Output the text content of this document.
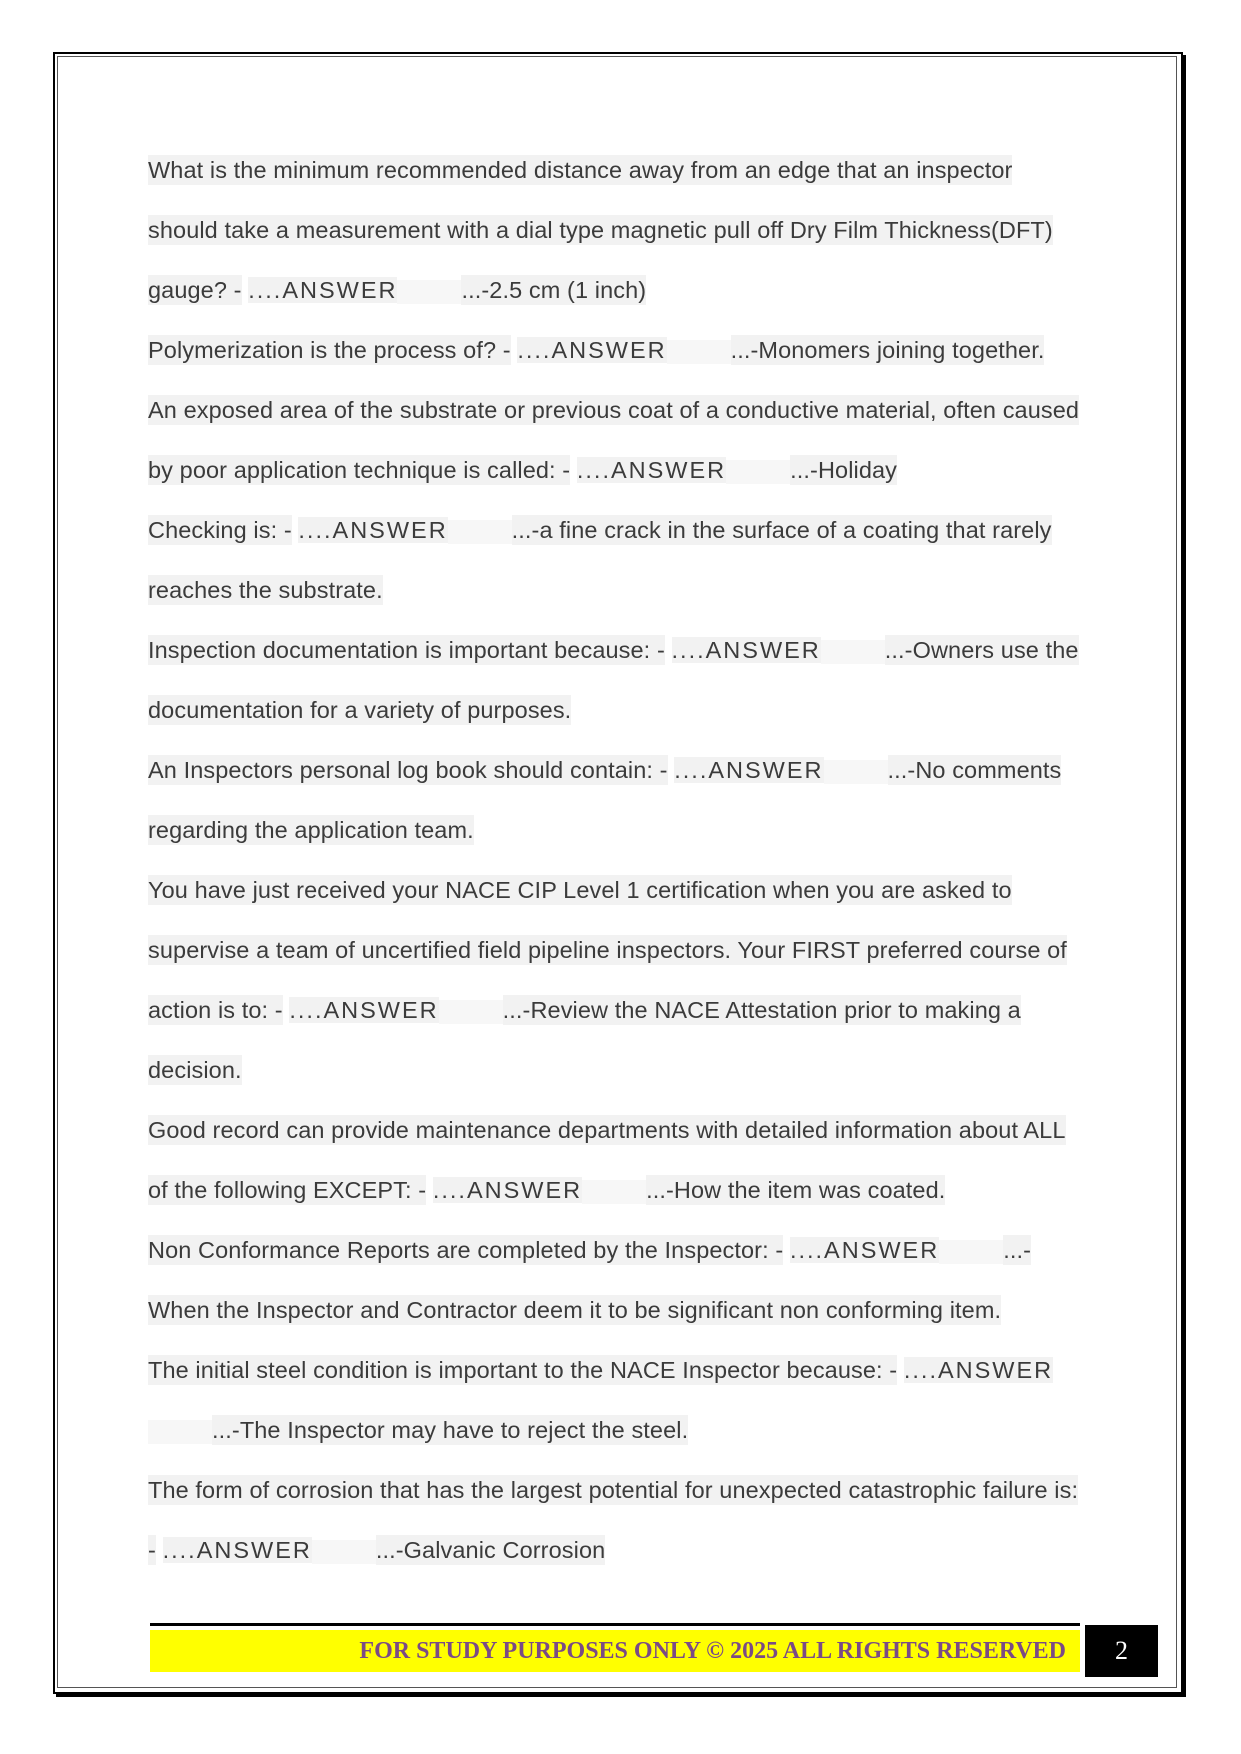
What is the minimum recommended distance away from an edge that an inspector should take a measurement with a dial type magnetic pull off Dry Film Thickness(DFT) gauge? - ....ANSWER	...-2.5 cm (1 inch)

Polymerization is the process of? - ....ANSWER	...-Monomers joining together.

An exposed area of the substrate or previous coat of a conductive material, often caused by poor application technique is called: - ....ANSWER	...-Holiday

Checking is: - ....ANSWER	...-a fine crack in the surface of a coating that rarely reaches the substrate.

Inspection documentation is important because: - ....ANSWER	...-Owners use the documentation for a variety of purposes.

An Inspectors personal log book should contain: - ....ANSWER	...-No comments regarding the application team.

You have just received your NACE CIP Level 1 certification when you are asked to supervise a team of uncertified field pipeline inspectors. Your FIRST preferred course of action is to: - ....ANSWER	...-Review the NACE Attestation prior to making a decision.

Good record can provide maintenance departments with detailed information about ALL of the following EXCEPT: - ....ANSWER	...-How the item was coated.

Non Conformance Reports are completed by the Inspector: - ....ANSWER	...-When the Inspector and Contractor deem it to be significant non conforming item.

The initial steel condition is important to the NACE Inspector because: - ....ANSWER...-The Inspector may have to reject the steel.

The form of corrosion that has the largest potential for unexpected catastrophic failure is: - ....ANSWER	...-Galvanic Corrosion

FOR STUDY PURPOSES ONLY © 2025 ALL RIGHTS RESERVED	2
